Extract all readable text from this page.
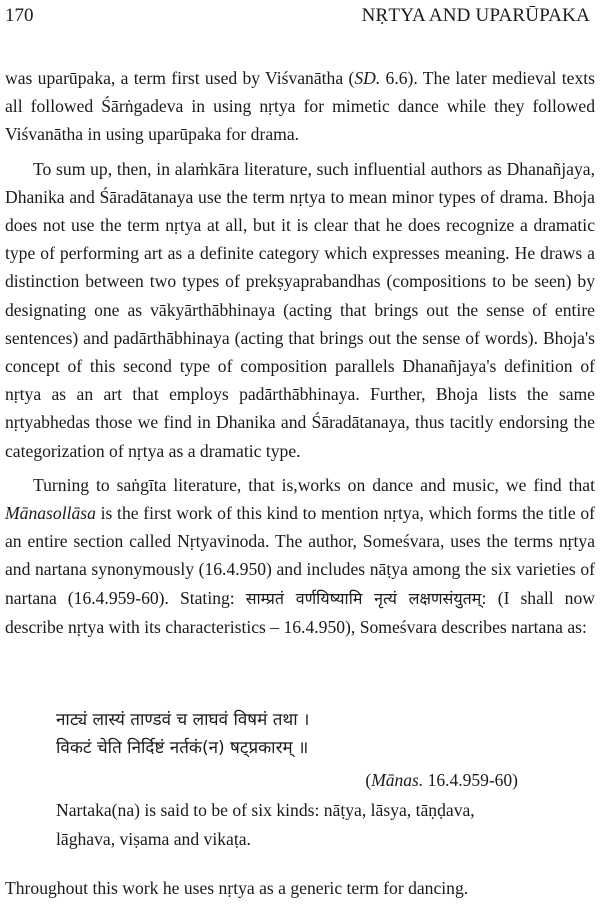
170	NṚTYA AND UPARŪPAKA

was uparūpaka, a term first used by Viśvanātha (SD. 6.6). The later medieval texts all followed Śārṅgadeva in using nṛtya for mimetic dance while they followed Viśvanātha in using uparūpaka for drama.

To sum up, then, in alaṁkāra literature, such influential authors as Dhanañjaya, Dhanika and Śāradātanaya use the term nṛtya to mean minor types of drama. Bhoja does not use the term nṛtya at all, but it is clear that he does recognize a dramatic type of performing art as a definite category which expresses meaning. He draws a distinction between two types of prekṣyaprabandhas (compositions to be seen) by designating one as vākyārthābhinaya (acting that brings out the sense of entire sentences) and padārthābhinaya (acting that brings out the sense of words). Bhoja's concept of this second type of composition parallels Dhanañjaya's definition of nṛtya as an art that employs padārthābhinaya. Further, Bhoja lists the same nṛtyabhedas those we find in Dhanika and Śāradātanaya, thus tacitly endorsing the categorization of nṛtya as a dramatic type.

Turning to saṅgīta literature, that is,works on dance and music, we find that Mānasollāsa is the first work of this kind to mention nṛtya, which forms the title of an entire section called Nṛtyavinoda. The author, Someśvara, uses the terms nṛtya and nartana synonymously (16.4.950) and includes nāṭya among the six varieties of nartana (16.4.959-60). Stating: साम्प्रतं वर्णयिष्यामि नृत्यं लक्षणसंयुतम्: (I shall now describe nṛtya with its characteristics – 16.4.950), Someśvara describes nartana as:

नाट्यं लास्यं ताण्डवं च लाघवं विषमं तथा ।
विकटं चेति निर्दिष्टं नर्तकं(न) षट्प्रकारम् ॥
(Mānas. 16.4.959-60)
Nartaka(na) is said to be of six kinds: nāṭya, lāsya, tāṇḍava, lāghava, viṣama and vikaṭa.
Throughout this work he uses nṛtya as a generic term for dancing.
